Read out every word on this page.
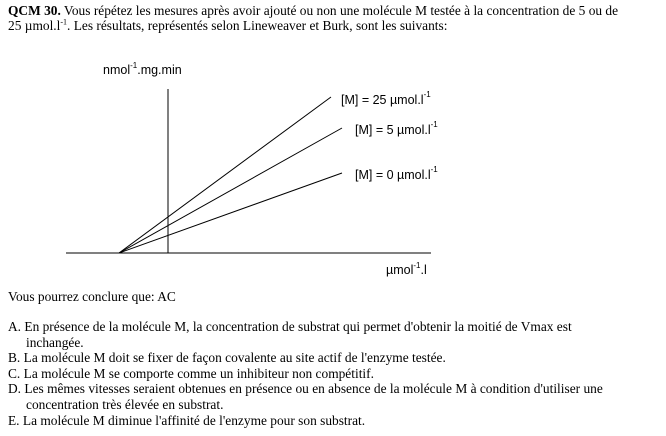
QCM 30. Vous répétez les mesures après avoir ajouté ou non une molécule M testée à la concentration de 5 ou de
25 $\mu mol.l^{-1}$. Les résultats, représentés selon Lineweaver et Burk, sont les suivants:
nmol$^{-1}$.mg.min
µmol$^{-1}$.l
[M] = 25 $\mu mol.l^{-1}$
[M] = 5 $\mu mol.l^{-1}$
[M] = 0 $\mu mol.l^{-1}$
Vous pourrez conclure que: AC
A. En présence de la molécule M, la concentration de substrat qui permet d'obtenir la moitié de Vmax est
inchangée.
B. La molécule M doit se fixer de façon covalente au site actif de l'enzyme testée.
C. La molécule M se comporte comme un inhibiteur non compétitif.
D. Les mêmes vitesses seraient obtenues en présence ou en absence de la molécule M à condition d'utiliser une
concentration très élevée en substrat.
E. La molécule M diminue l'affinité de l'enzyme pour son substrat.
